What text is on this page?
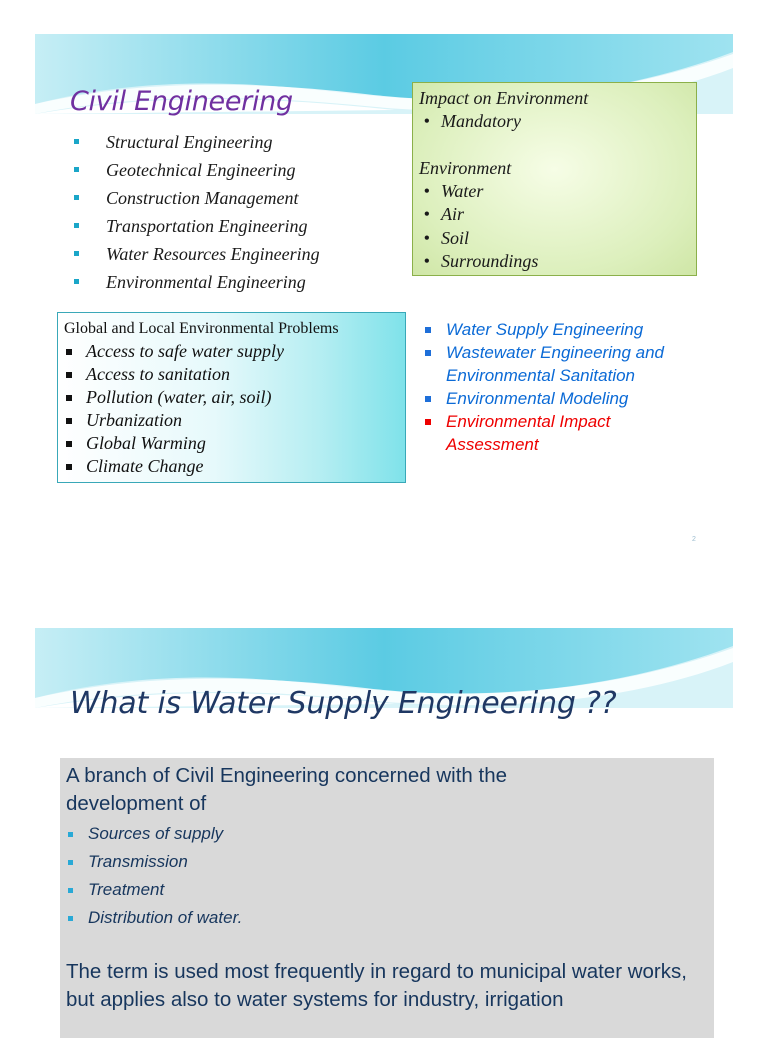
Civil Engineering
Structural Engineering
Geotechnical Engineering
Construction Management
Transportation Engineering
Water Resources Engineering
Environmental Engineering
Impact on Environment
• Mandatory
Environment
• Water
• Air
• Soil
• Surroundings
Global and Local Environmental Problems
Access to safe water supply
Access to sanitation
Pollution (water, air, soil)
Urbanization
Global Warming
Climate Change
Water Supply Engineering
Wastewater Engineering and Environmental Sanitation
Environmental Modeling
Environmental Impact Assessment
2
What is Water Supply Engineering ??
A branch of Civil Engineering concerned with the development of
Sources of supply
Transmission
Treatment
Distribution of water.
The term is used most frequently in regard to municipal water works, but applies also to water systems for industry, irrigation
